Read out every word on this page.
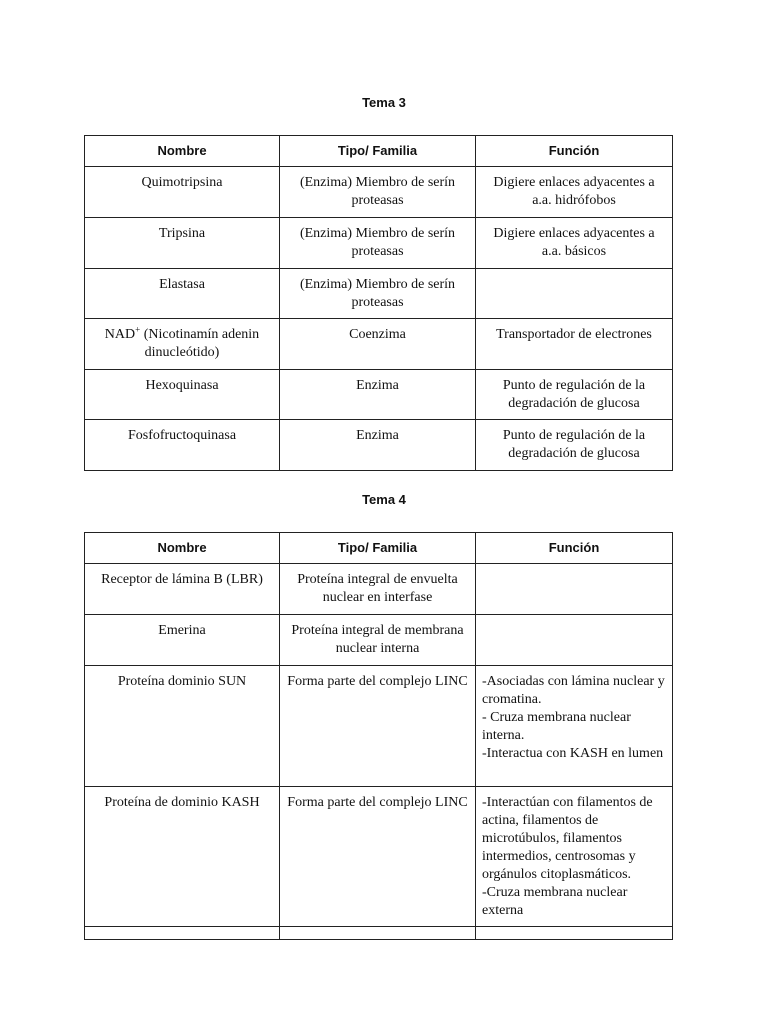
Tema 3
Nombre	Tipo/ Familia	Función
Quimotripsina	(Enzima) Miembro de serín proteasas	Digiere enlaces adyacentes a a.a. hidrófobos
Tripsina	(Enzima) Miembro de serín proteasas	Digiere enlaces adyacentes a a.a. básicos
Elastasa	(Enzima) Miembro de serín proteasas	
NAD+ (Nicotinamín adenin dinucleótido)	Coenzima	Transportador de electrones
Hexoquinasa	Enzima	Punto de regulación de la degradación de glucosa
Fosfofructoquinasa	Enzima	Punto de regulación de la degradación de glucosa
Tema 4
Nombre	Tipo/ Familia	Función
Receptor de lámina B (LBR)	Proteína integral de envuelta nuclear en interfase	
Emerina	Proteína integral de membrana nuclear interna	
Proteína dominio SUN	Forma parte del complejo LINC	-Asociadas con lámina nuclear y cromatina.
- Cruza membrana nuclear interna.
-Interactua con KASH en lumen

Proteína de dominio KASH	Forma parte del complejo LINC	-Interactúan con filamentos de actina, filamentos de microtúbulos, filamentos intermedios, centrosomas y orgánulos citoplasmáticos.
-Cruza membrana nuclear externa
